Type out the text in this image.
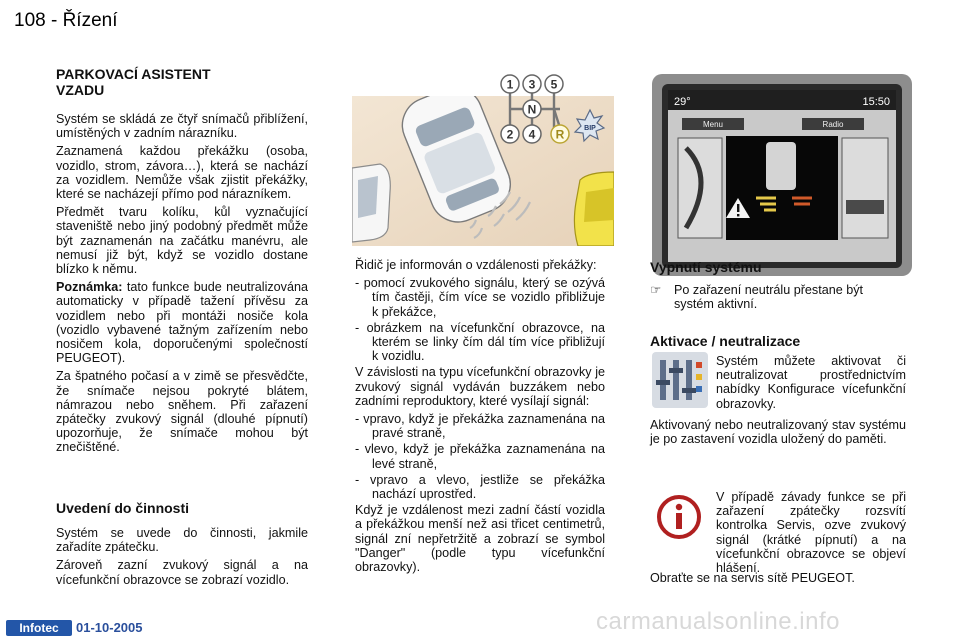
108 - Řízení
PARKOVACÍ ASISTENT VZADU

Systém se skládá ze čtyř snímačů přiblížení, umístěných v zadním nárazníku.

Zaznamená každou překážku (osoba, vozidlo, strom, závora…), která se nachází za vozidlem. Nemůže však zjistit překážky, které se nacházejí přímo pod nárazníkem.

Předmět tvaru kolíku, kůl vyznačující staveniště nebo jiný podobný předmět může být zaznamenán na začátku manévru, ale nemusí již být, když se vozidlo dostane blízko k němu.

Poznámka: tato funkce bude neutralizována automaticky v případě tažení přívěsu za vozidlem nebo při montáži nosiče kola (vozidlo vybavené tažným zařízením nebo nosičem kola, doporučenými společností PEUGEOT).

Za špatného počasí a v zimě se přesvědčte, že snímače nejsou pokryté blátem, námrazou nebo sněhem. Při zařazení zpátečky zvukový signál (dlouhé pípnutí) upozorňuje, že snímače mohou být znečištěné.

Uvedení do činnosti

Systém se uvede do činnosti, jakmile zařadíte zpátečku.

Zároveň zazní zvukový signál a na vícefunkční obrazovce se zobrazí vozidlo.

1 3 5
N
2 4 R	BIP
29°	15:50
Menu	Radio

Řidič je informován o vzdálenosti překážky:

- pomocí zvukového signálu, který se ozývá tím častěji, čím více se vozidlo přibližuje k překážce,
- obrázkem na vícefunkční obrazovce, na kterém se linky čím dál tím více přibližují k vozidlu.

V závislosti na typu vícefunkční obrazovky je zvukový signál vydáván buzzákem nebo zadními reproduktory, které vysílají signál:

- vpravo, když je překážka zaznamenána na pravé straně,
- vlevo, když je překážka zaznamenána na levé straně,
- vpravo a vlevo, jestliže se překážka nachází uprostřed.

Když je vzdálenost mezi zadní částí vozidla a překážkou menší než asi třicet centimetrů, signál zní nepřetržitě a zobrazí se symbol "Danger" (podle typu vícefunkční obrazovky).

Vypnutí systému
☞ Po zařazení neutrálu přestane být systém aktivní.
Aktivace / neutralizace

Systém můžete aktivovat či neutralizovat prostřednictvím nabídky Konfigurace vícefunkční obrazovky.

Aktivovaný nebo neutralizovaný stav systému je po zastavení vozidla uložený do paměti.

V případě závady funkce se při zařazení zpátečky rozsvítí kontrolka Servis, ozve zvukový signál (krátké pípnutí) a na vícefunkční obrazovce se objeví hlášení.

Obraťte se na servis sítě PEUGEOT.

Infotec	01-10-2005	carmanualsonline.info
